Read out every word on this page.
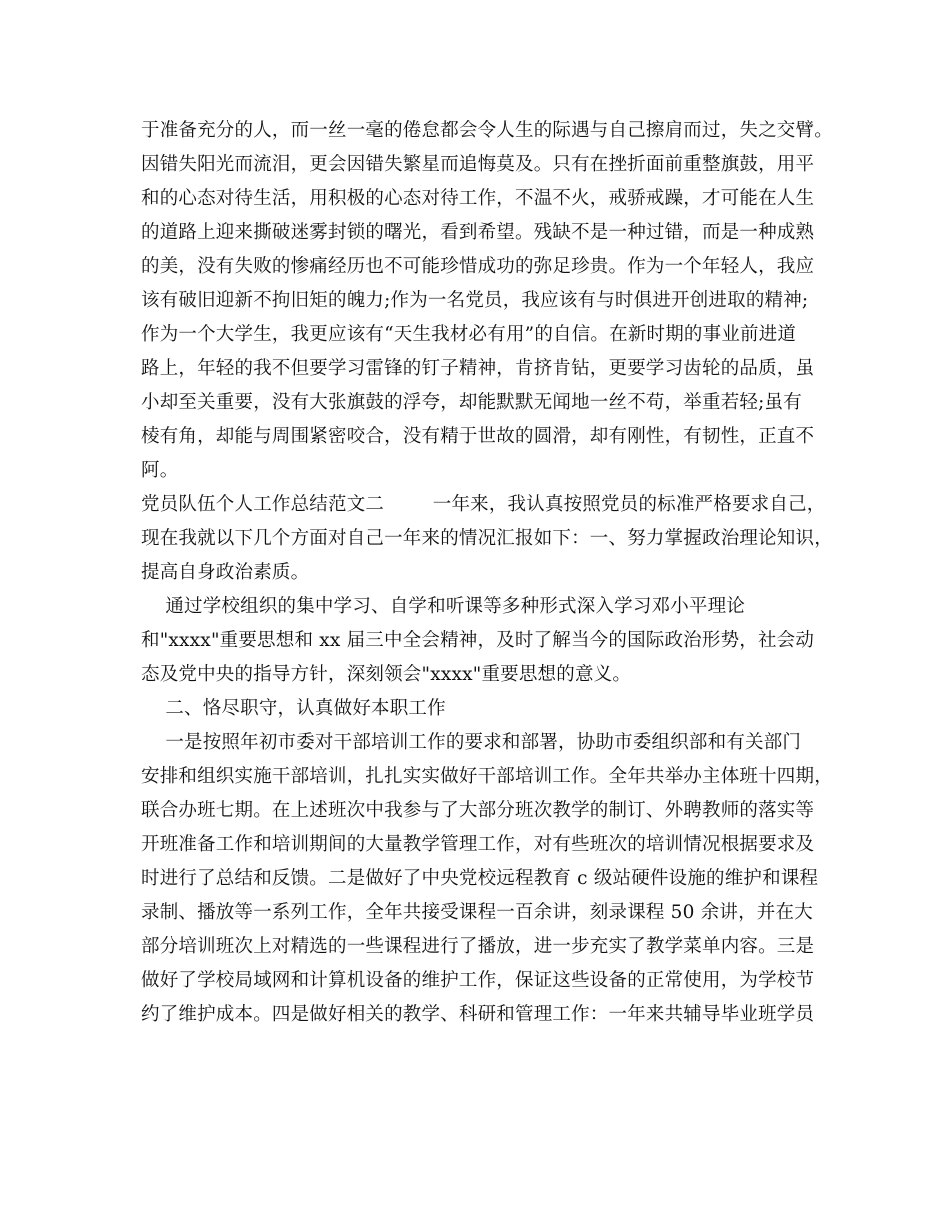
于准备充分的人，而一丝一毫的倦怠都会令人生的际遇与自己擦肩而过，失之交臂。
因错失阳光而流泪，更会因错失繁星而追悔莫及。只有在挫折面前重整旗鼓，用平
和的心态对待生活，用积极的心态对待工作，不温不火，戒骄戒躁，才可能在人生
的道路上迎来撕破迷雾封锁的曙光，看到希望。残缺不是一种过错，而是一种成熟
的美，没有失败的惨痛经历也不可能珍惜成功的弥足珍贵。作为一个年轻人，我应
该有破旧迎新不拘旧矩的魄力;作为一名党员，我应该有与时俱进开创进取的精神;
作为一个大学生，我更应该有“天生我材必有用”的自信。在新时期的事业前进道
路上，年轻的我不但要学习雷锋的钉子精神，肯挤肯钻，更要学习齿轮的品质，虽
小却至关重要，没有大张旗鼓的浮夸，却能默默无闻地一丝不苟，举重若轻;虽有
棱有角，却能与周围紧密咬合，没有精于世故的圆滑，却有刚性，有韧性，正直不
阿。
党员队伍个人工作总结范文二        一年来，我认真按照党员的标准严格要求自己，
现在我就以下几个方面对自己一年来的情况汇报如下：一、努力掌握政治理论知识，
提高自身政治素质。
通过学校组织的集中学习、自学和听课等多种形式深入学习邓小平理论
和"xxxx"重要思想和 xx 届三中全会精神，及时了解当今的国际政治形势，社会动
态及党中央的指导方针，深刻领会"xxxx"重要思想的意义。
二、恪尽职守，认真做好本职工作
一是按照年初市委对干部培训工作的要求和部署，协助市委组织部和有关部门
安排和组织实施干部培训，扎扎实实做好干部培训工作。全年共举办主体班十四期，
联合办班七期。在上述班次中我参与了大部分班次教学的制订、外聘教师的落实等
开班准备工作和培训期间的大量教学管理工作，对有些班次的培训情况根据要求及
时进行了总结和反馈。二是做好了中央党校远程教育 c 级站硬件设施的维护和课程
录制、播放等一系列工作，全年共接受课程一百余讲，刻录课程 50 余讲，并在大
部分培训班次上对精选的一些课程进行了播放，进一步充实了教学菜单内容。三是
做好了学校局域网和计算机设备的维护工作，保证这些设备的正常使用，为学校节
约了维护成本。四是做好相关的教学、科研和管理工作：一年来共辅导毕业班学员
